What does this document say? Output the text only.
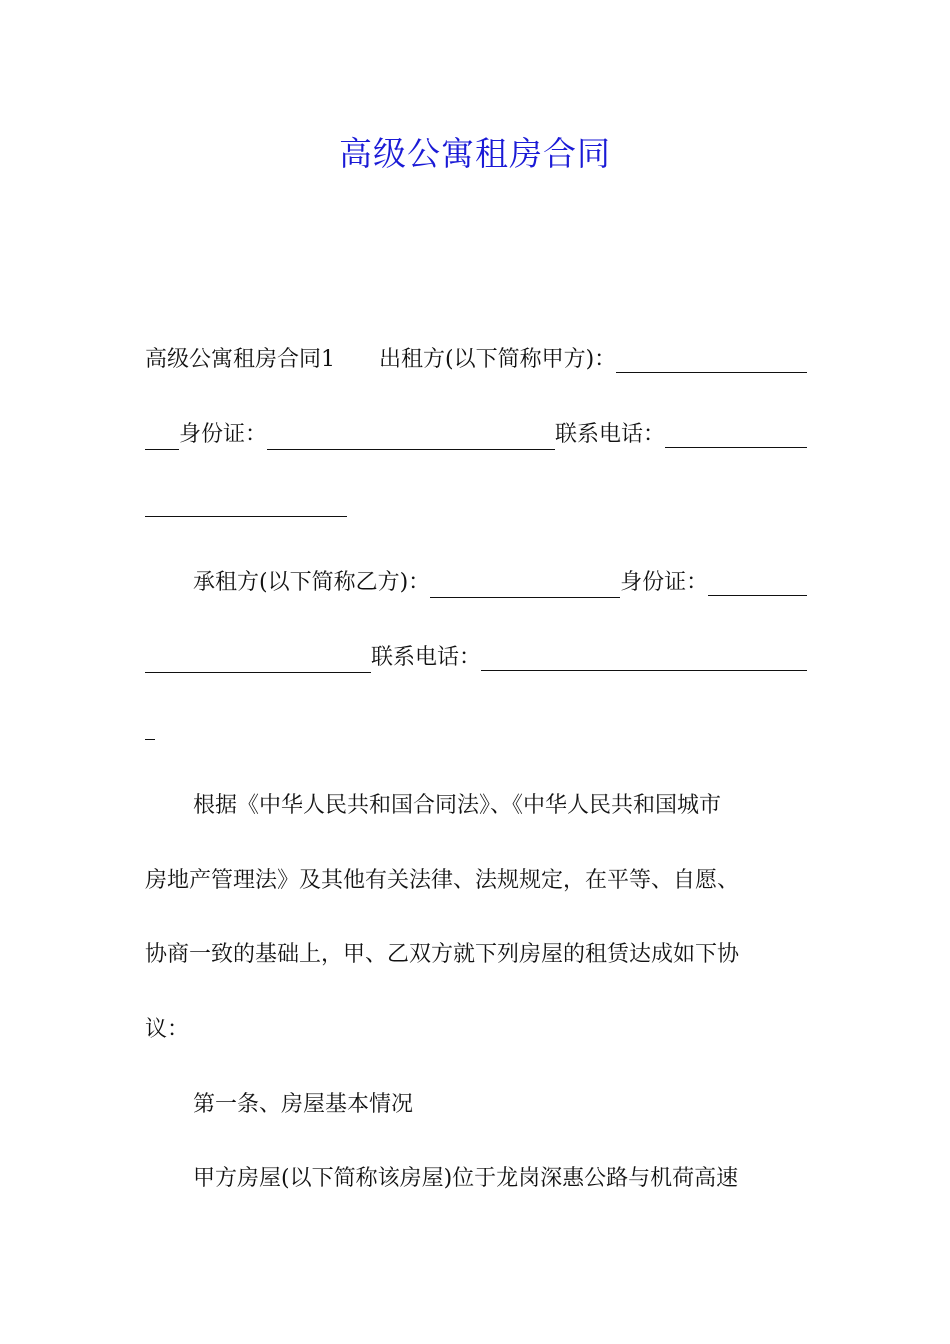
高级公寓租房合同
高级公寓租房合同1 出租方(以下简称甲方)：
身份证：	联系电话：
承租方(以下简称乙方)：	身份证：
联系电话：
根据《中华人民共和国合同法》、《中华人民共和国城市
房地产管理法》及其他有关法律、法规规定，在平等、自愿、
协商一致的基础上，甲、乙双方就下列房屋的租赁达成如下协
议：
第一条、房屋基本情况
甲方房屋(以下简称该房屋)位于龙岗深惠公路与机荷高速
